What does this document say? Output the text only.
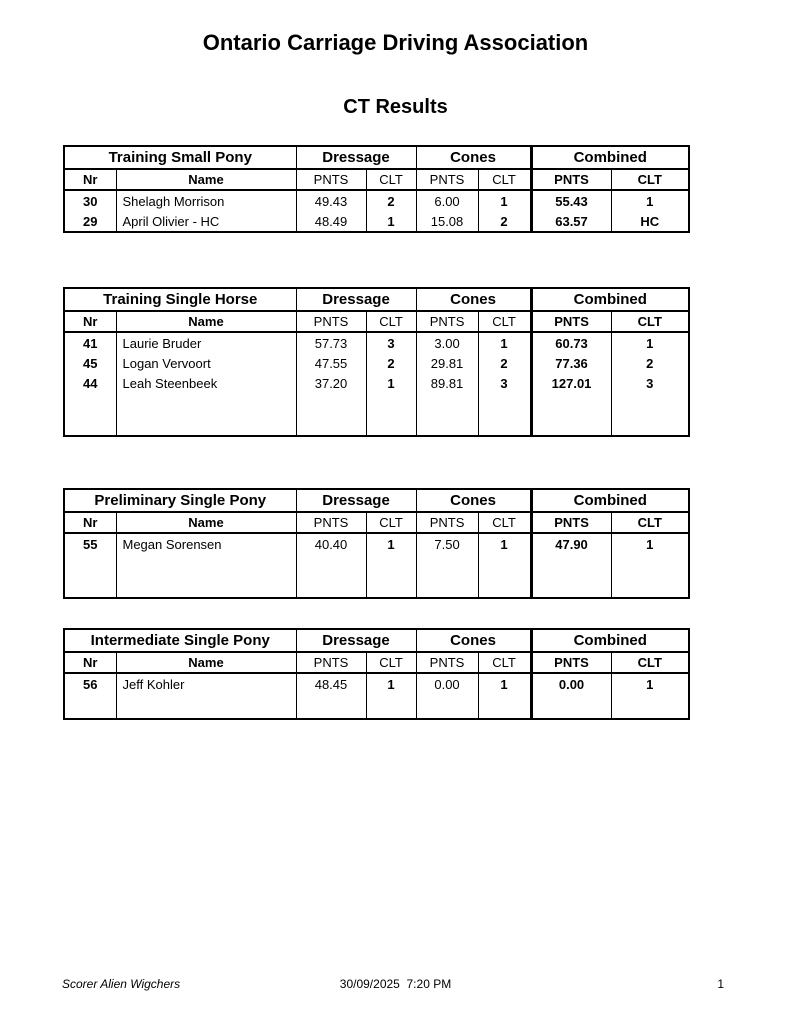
Ontario Carriage Driving Association
CT Results
Training Small Pony		Dressage		Cones		Combined	
Nr	Name	PNTS	CLT	PNTS	CLT	PNTS	CLT
30	Shelagh Morrison	49.43	2	6.00	1	55.43	1
29	April Olivier - HC	48.49	1	15.08	2	63.57	HC
Training Single Horse		Dressage		Cones		Combined	
Nr	Name	PNTS	CLT	PNTS	CLT	PNTS	CLT
41	Laurie Bruder	57.73	3	3.00	1	60.73	1
45	Logan Vervoort	47.55	2	29.81	2	77.36	2
44	Leah Steenbeek	37.20	1	89.81	3	127.01	3

Preliminary Single Pony		Dressage		Cones		Combined	
Nr	Name	PNTS	CLT	PNTS	CLT	PNTS	CLT
55	Megan Sorensen	40.40	1	7.50	1	47.90	1

Intermediate Single Pony		Dressage		Cones		Combined	
Nr	Name	PNTS	CLT	PNTS	CLT	PNTS	CLT
56	Jeff Kohler	48.45	1	0.00	1	0.00	1

Scorer Alien Wigchers	30/09/2025  7:20 PM	1
